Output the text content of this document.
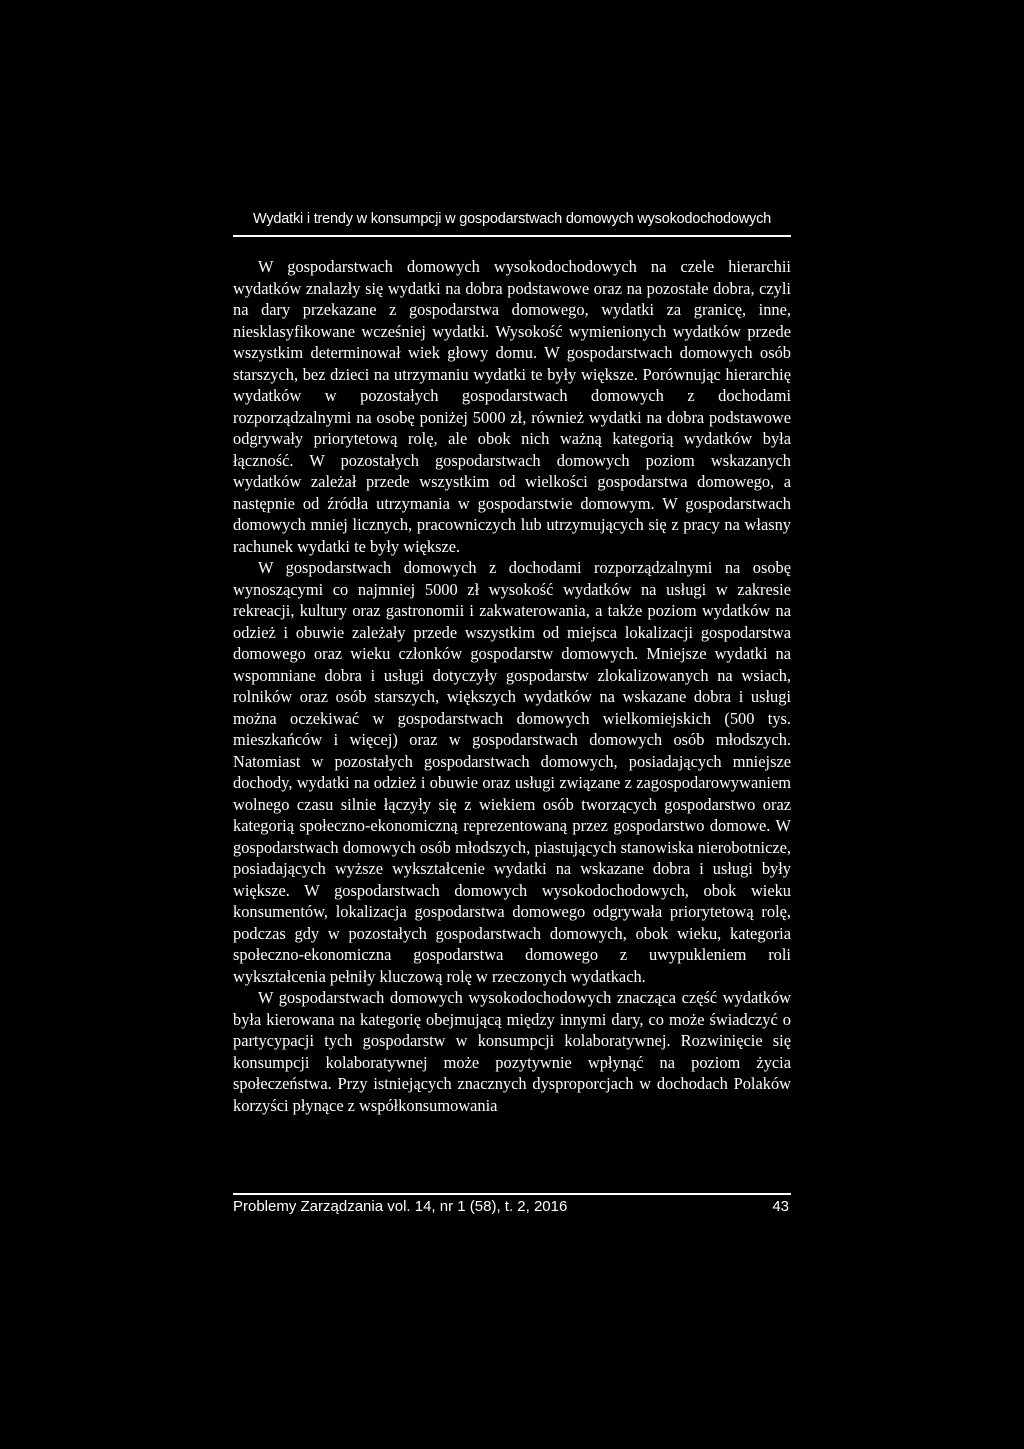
Wydatki i trendy w konsumpcji w gospodarstwach domowych wysokodochodowych

W gospodarstwach domowych wysokodochodowych na czele hierarchii wydatków znalazły się wydatki na dobra podstawowe oraz na pozostałe dobra, czyli na dary przekazane z gospodarstwa domowego, wydatki za granicę, inne, niesklasyfikowane wcześniej wydatki. Wysokość wymienionych wydatków przede wszystkim determinował wiek głowy domu. W gospodarstwach domowych osób starszych, bez dzieci na utrzymaniu wydatki te były większe. Porównując hierarchię wydatków w pozostałych gospodarstwach domowych z dochodami rozporządzalnymi na osobę poniżej 5000 zł, również wydatki na dobra podstawowe odgrywały priorytetową rolę, ale obok nich ważną kategorią wydatków była łączność. W pozostałych gospodarstwach domowych poziom wskazanych wydatków zależał przede wszystkim od wielkości gospodarstwa domowego, a następnie od źródła utrzymania w gospodarstwie domowym. W gospodarstwach domowych mniej licznych, pracowniczych lub utrzymujących się z pracy na własny rachunek wydatki te były większe.

W gospodarstwach domowych z dochodami rozporządzalnymi na osobę wynoszącymi co najmniej 5000 zł wysokość wydatków na usługi w zakresie rekreacji, kultury oraz gastronomii i zakwaterowania, a także poziom wydatków na odzież i obuwie zależały przede wszystkim od miejsca lokalizacji gospodarstwa domowego oraz wieku członków gospodarstw domowych. Mniejsze wydatki na wspomniane dobra i usługi dotyczyły gospodarstw zlokalizowanych na wsiach, rolników oraz osób starszych, większych wydatków na wskazane dobra i usługi można oczekiwać w gospodarstwach domowych wielkomiejskich (500 tys. mieszkańców i więcej) oraz w gospodarstwach domowych osób młodszych. Natomiast w pozostałych gospodarstwach domowych, posiadających mniejsze dochody, wydatki na odzież i obuwie oraz usługi związane z zagospodarowywaniem wolnego czasu silnie łączyły się z wiekiem osób tworzących gospodarstwo oraz kategorią społeczno-ekonomiczną reprezentowaną przez gospodarstwo domowe. W gospodarstwach domowych osób młodszych, piastujących stanowiska nierobotnicze, posiadających wyższe wykształcenie wydatki na wskazane dobra i usługi były większe. W gospodarstwach domowych wysokodochodowych, obok wieku konsumentów, lokalizacja gospodarstwa domowego odgrywała priorytetową rolę, podczas gdy w pozostałych gospodarstwach domowych, obok wieku, kategoria społeczno-ekonomiczna gospodarstwa domowego z uwypukleniem roli wykształcenia pełniły kluczową rolę w rzeczonych wydatkach.

W gospodarstwach domowych wysokodochodowych znacząca część wydatków była kierowana na kategorię obejmującą między innymi dary, co może świadczyć o partycypacji tych gospodarstw w konsumpcji kolaboratywnej. Rozwinięcie się konsumpcji kolaboratywnej może pozytywnie wpłynąć na poziom życia społeczeństwa. Przy istniejących znacznych dysproporcjach w dochodach Polaków korzyści płynące z współkonsumowania

Problemy Zarządzania vol. 14, nr 1 (58), t. 2, 2016	43
